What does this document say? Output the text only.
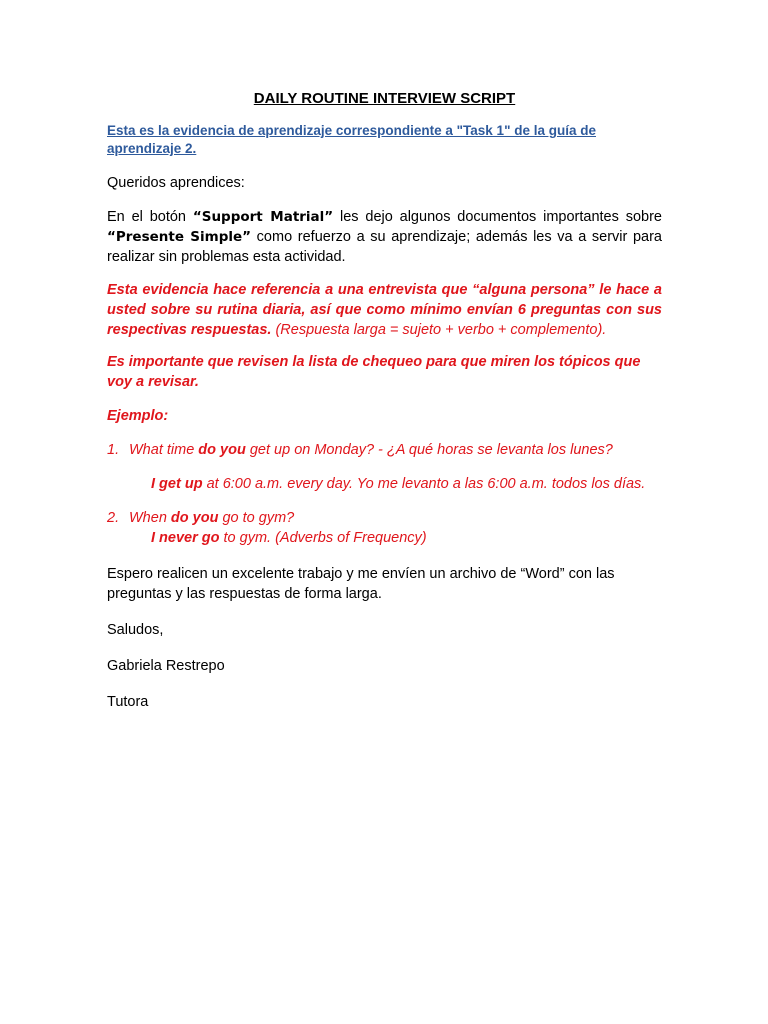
DAILY ROUTINE INTERVIEW SCRIPT

Esta es la evidencia de aprendizaje correspondiente a "Task 1" de la guía de aprendizaje 2.

Queridos aprendices:

En el botón “Support Matrial” les dejo algunos documentos importantes sobre “Presente Simple” como refuerzo a su aprendizaje; además les va a servir para realizar sin problemas esta actividad.

Esta evidencia hace referencia a una entrevista que “alguna persona” le hace a usted sobre su rutina diaria, así que como mínimo envían 6 preguntas con sus respectivas respuestas. (Respuesta larga = sujeto + verbo + complemento).

Es importante que revisen la lista de chequeo para que miren los tópicos que voy a revisar.

Ejemplo:

1. What time do you get up on Monday? - ¿A qué horas se levanta los lunes?

I get up at 6:00 a.m. every day. Yo me levanto a las 6:00 a.m. todos los días.

2. When do you go to gym?

I never go to gym. (Adverbs of Frequency)

Espero realicen un excelente trabajo y me envíen un archivo de “Word” con las preguntas y las respuestas de forma larga.

Saludos,

Gabriela Restrepo

Tutora
